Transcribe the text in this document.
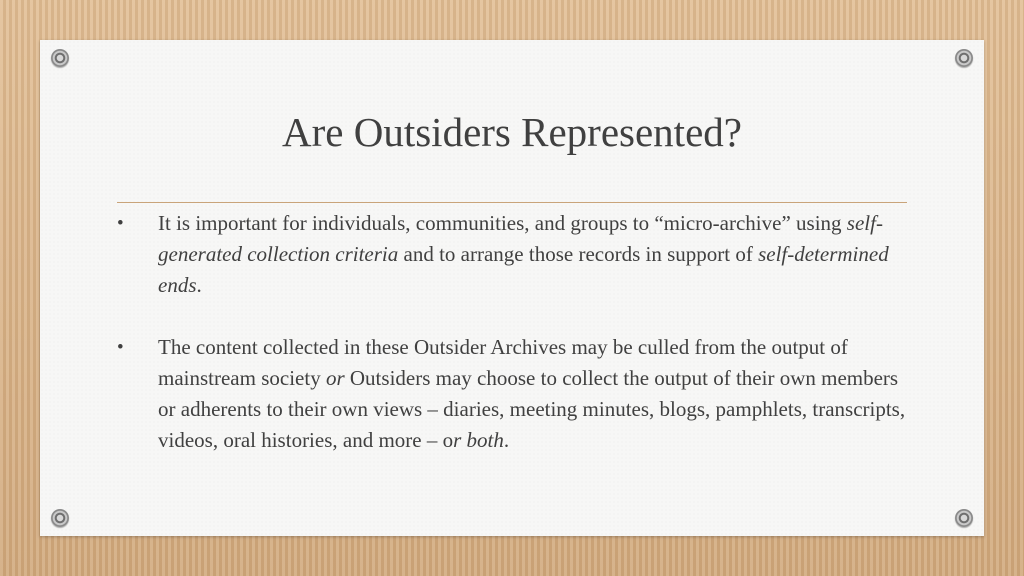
Are Outsiders Represented?
• It is important for individuals, communities, and groups to “micro-archive” using self-generated collection criteria and to arrange those records in support of self-determined ends.
• The content collected in these Outsider Archives may be culled from the output of mainstream society or Outsiders may choose to collect the output of their own members or adherents to their own views – diaries, meeting minutes, blogs, pamphlets, transcripts, videos, oral histories, and more – or both.
